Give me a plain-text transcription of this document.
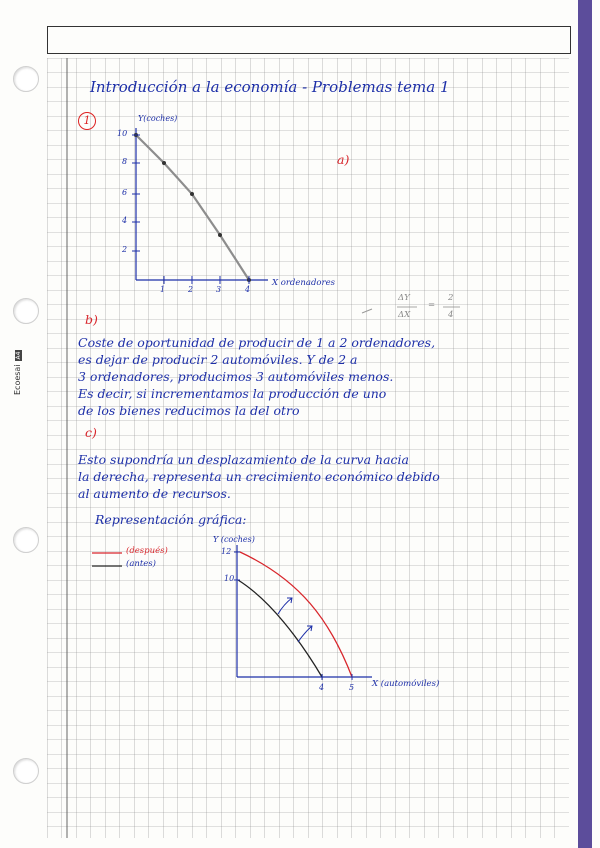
EcoesaiA4
Introducción a la economía - Problemas tema 1
1	Y(coches)
10
8
6
4
2
1	2	3	4
X ordenadores
a)
ΔY
ΔX
=
2
4
b)
Coste de oportunidad de producir de 1 a 2 ordenadores,
es dejar de producir 2 automóviles. Y de 2 a
3 ordenadores, producimos 3 automóviles menos.
Es decir, si incrementamos la producción de uno
de los bienes reducimos la del otro
c)
Esto supondría un desplazamiento de la curva hacia
la derecha, representa un crecimiento económico debido
al aumento de recursos.
Representación gráfica:
(después)
(antes)
Y (coches)
12
10
4	5 X (automóviles)
